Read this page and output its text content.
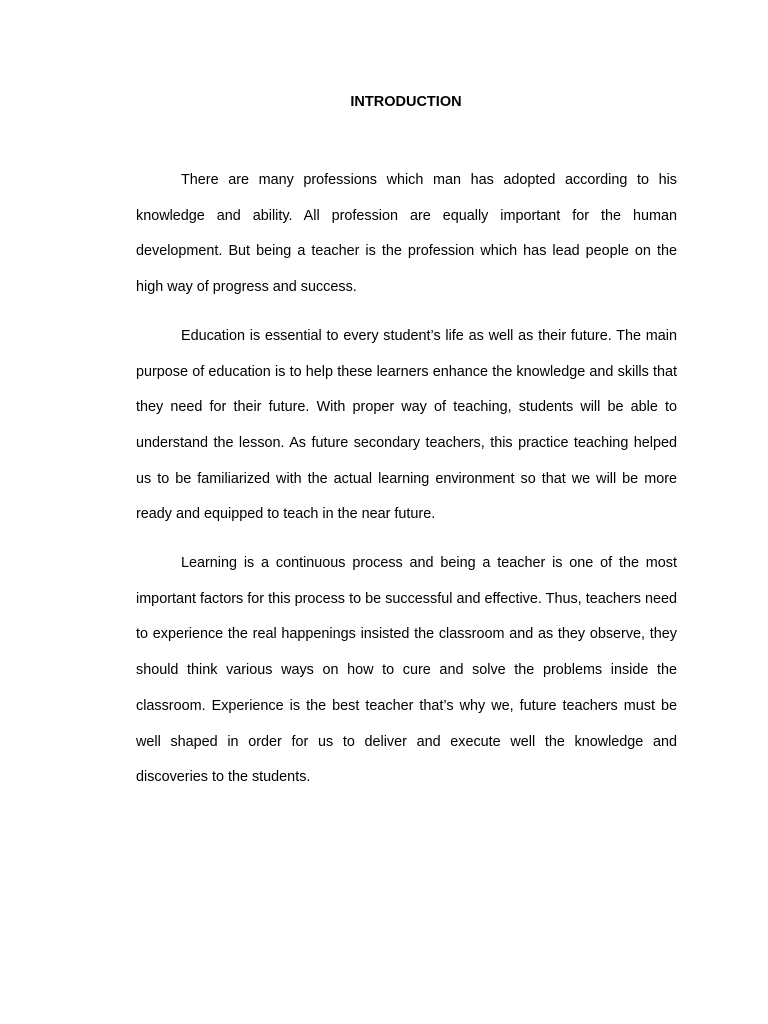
INTRODUCTION

There are many professions which man has adopted according to his knowledge and ability. All profession are equally important for the human development. But being a teacher is the profession which has lead people on the high way of progress and success.

Education is essential to every student’s life as well as their future. The main purpose of education is to help these learners enhance the knowledge and skills that they need for their future. With proper way of teaching, students will be able to understand the lesson. As future secondary teachers, this practice teaching helped us to be familiarized with the actual learning environment so that we will be more ready and equipped to teach in the near future.

Learning is a continuous process and being a teacher is one of the most important factors for this process to be successful and effective. Thus, teachers need to experience the real happenings insisted the classroom and as they observe, they should think various ways on how to cure and solve the problems inside the classroom. Experience is the best teacher that’s why we, future teachers must be well shaped in order for us to deliver and execute well the knowledge and discoveries to the students.
